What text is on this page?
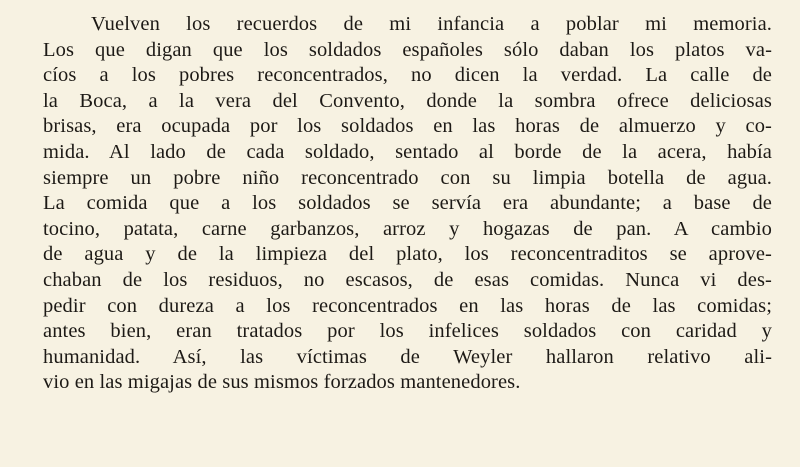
Vuelven los recuerdos de mi infancia a poblar mi memoria.
Los que digan que los soldados españoles sólo daban los platos va-
cíos a los pobres reconcentrados, no dicen la verdad. La calle de
la Boca, a la vera del Convento, donde la sombra ofrece deliciosas
brisas, era ocupada por los soldados en las horas de almuerzo y co-
mida. Al lado de cada soldado, sentado al borde de la acera, había
siempre un pobre niño reconcentrado con su limpia botella de agua.
La comida que a los soldados se servía era abundante; a base de
tocino, patata, carne garbanzos, arroz y hogazas de pan. A cambio
de agua y de la limpieza del plato, los reconcentraditos se aprove-
chaban de los residuos, no escasos, de esas comidas. Nunca vi des-
pedir con dureza a los reconcentrados en las horas de las comidas;
antes bien, eran tratados por los infelices soldados con caridad y
humanidad. Así, las víctimas de Weyler hallaron relativo ali-
vio en las migajas de sus mismos forzados mantenedores.
